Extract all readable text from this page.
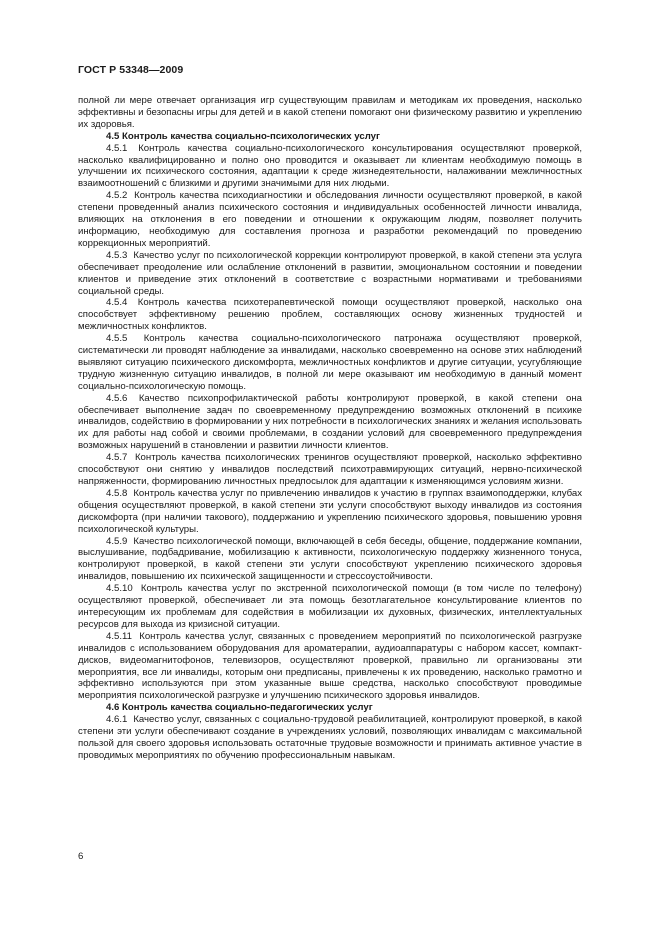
ГОСТ Р 53348—2009

полной ли мере отвечает организация игр существующим правилам и методикам их проведения, насколько эффективны и безопасны игры для детей и в какой степени помогают они физическому развитию и укреплению их здоровья.

4.5 Контроль качества социально-психологических услуг

4.5.1 Контроль качества социально-психологического консультирования осуществляют проверкой, насколько квалифицированно и полно оно проводится и оказывает ли клиентам необходимую помощь в улучшении их психического состояния, адаптации к среде жизнедеятельности, налаживании межличностных взаимоотношений с близкими и другими значимыми для них людьми.

4.5.2 Контроль качества психодиагностики и обследования личности осуществляют проверкой, в какой степени проведенный анализ психического состояния и индивидуальных особенностей личности инвалида, влияющих на отклонения в его поведении и отношении к окружающим людям, позволяет получить информацию, необходимую для составления прогноза и разработки рекомендаций по проведению коррекционных мероприятий.

4.5.3 Качество услуг по психологической коррекции контролируют проверкой, в какой степени эта услуга обеспечивает преодоление или ослабление отклонений в развитии, эмоциональном состоянии и поведении клиентов и приведение этих отклонений в соответствие с возрастными нормативами и требованиями социальной среды.

4.5.4 Контроль качества психотерапевтической помощи осуществляют проверкой, насколько она способствует эффективному решению проблем, составляющих основу жизненных трудностей и межличностных конфликтов.

4.5.5 Контроль качества социально-психологического патронажа осуществляют проверкой, систематически ли проводят наблюдение за инвалидами, насколько своевременно на основе этих наблюдений выявляют ситуацию психического дискомфорта, межличностных конфликтов и другие ситуации, усугубляющие трудную жизненную ситуацию инвалидов, в полной ли мере оказывают им необходимую в данный момент социально-психологическую помощь.

4.5.6 Качество психопрофилактической работы контролируют проверкой, в какой степени она обеспечивает выполнение задач по своевременному предупреждению возможных отклонений в психике инвалидов, содействию в формировании у них потребности в психологических знаниях и желания использовать их для работы над собой и своими проблемами, в создании условий для своевременного предупреждения возможных нарушений в становлении и развитии личности клиентов.

4.5.7 Контроль качества психологических тренингов осуществляют проверкой, насколько эффективно способствуют они снятию у инвалидов последствий психотравмирующих ситуаций, нервно-психической напряженности, формированию личностных предпосылок для адаптации к изменяющимся условиям жизни.

4.5.8 Контроль качества услуг по привлечению инвалидов к участию в группах взаимоподдержки, клубах общения осуществляют проверкой, в какой степени эти услуги способствуют выходу инвалидов из состояния дискомфорта (при наличии такового), поддержанию и укреплению психического здоровья, повышению уровня психологической культуры.

4.5.9 Качество психологической помощи, включающей в себя беседы, общение, поддержание компании, выслушивание, подбадривание, мобилизацию к активности, психологическую поддержку жизненного тонуса, контролируют проверкой, в какой степени эти услуги способствуют укреплению психического здоровья инвалидов, повышению их психической защищенности и стрессоустойчивости.

4.5.10 Контроль качества услуг по экстренной психологической помощи (в том числе по телефону) осуществляют проверкой, обеспечивает ли эта помощь безотлагательное консультирование клиентов по интересующим их проблемам для содействия в мобилизации их духовных, физических, интеллектуальных ресурсов для выхода из кризисной ситуации.

4.5.11 Контроль качества услуг, связанных с проведением мероприятий по психологической разгрузке инвалидов с использованием оборудования для ароматерапии, аудиоаппаратуры с набором кассет, компакт-дисков, видеомагнитофонов, телевизоров, осуществляют проверкой, правильно ли организованы эти мероприятия, все ли инвалиды, которым они предписаны, привлечены к их проведению, насколько грамотно и эффективно используются при этом указанные выше средства, насколько способствуют проводимые мероприятия психологической разгрузке и улучшению психического здоровья инвалидов.

4.6 Контроль качества социально-педагогических услуг

4.6.1 Качество услуг, связанных с социально-трудовой реабилитацией, контролируют проверкой, в какой степени эти услуги обеспечивают создание в учреждениях условий, позволяющих инвалидам с максимальной пользой для своего здоровья использовать остаточные трудовые возможности и принимать активное участие в проводимых мероприятиях по обучению профессиональным навыкам.

6
